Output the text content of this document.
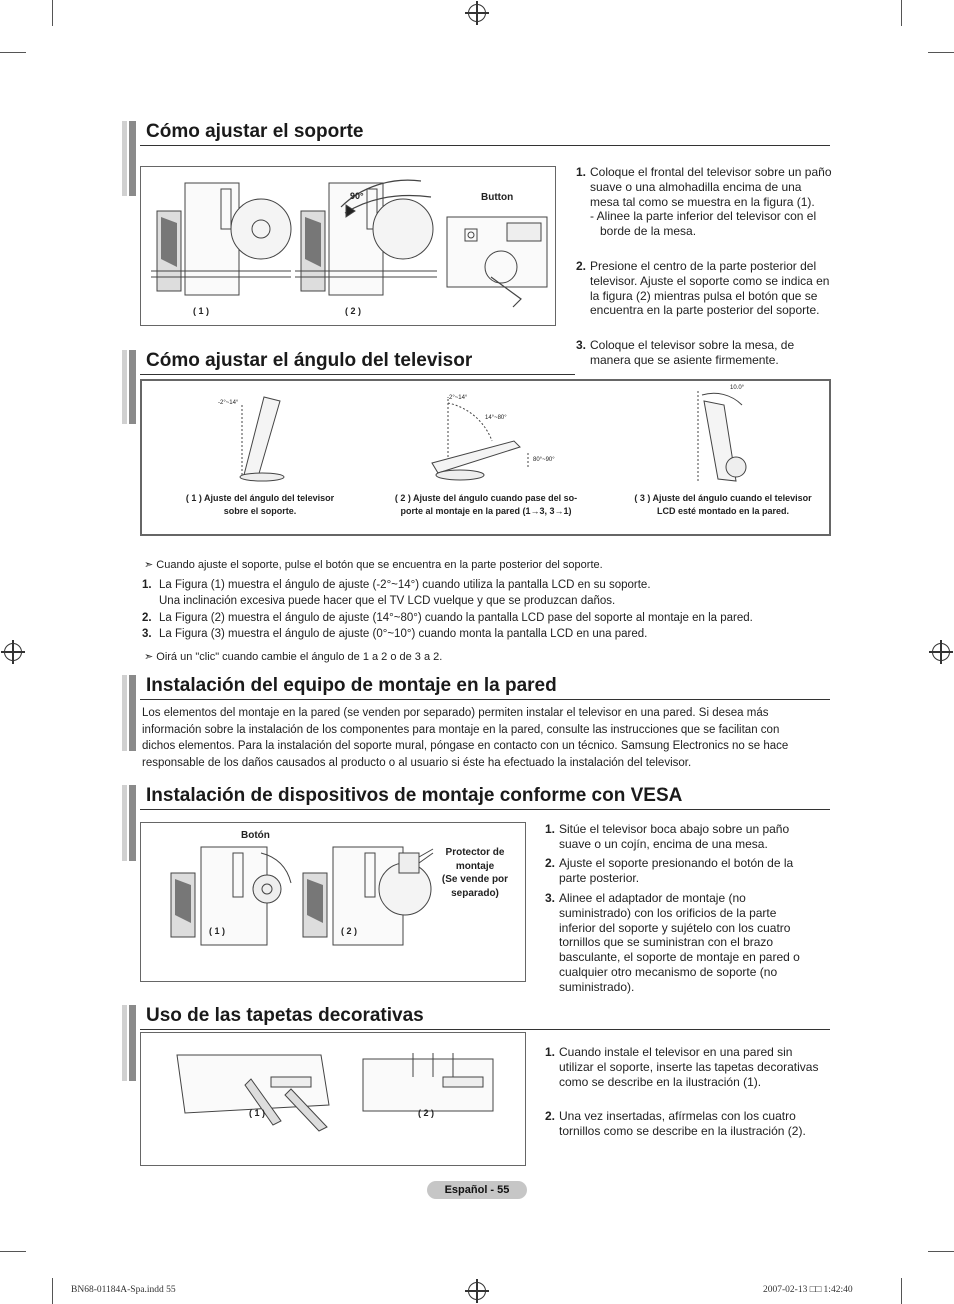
Cómo ajustar el soporte
90°	Button
( 1 )	( 2 )
1. Coloque el frontal del televisor sobre un paño suave o una almohadilla encima de una mesa tal como se muestra en la figura (1).
- Alinee la parte inferior del televisor con el borde de la mesa.
2. Presione el centro de la parte posterior del televisor. Ajuste el soporte como se indica en la figura (2) mientras pulsa el botón que se encuentra en la parte posterior del soporte.
3. Coloque el televisor sobre la mesa, de manera que se asiente firmemente.
Cómo ajustar el ángulo del televisor
-2°~14°
-2°~14°
14°~80°
80°~90°
10.0°
( 1 ) Ajuste del ángulo del televisor
sobre el soporte.
( 2 ) Ajuste del ángulo cuando pase del so-
porte al montaje en la pared (1→3, 3→1)
( 3 ) Ajuste del ángulo cuando el televisor
LCD esté montado en la pared.
➣ Cuando ajuste el soporte, pulse el botón que se encuentra en la parte posterior del soporte.
1. La Figura (1) muestra el ángulo de ajuste (-2°~14°) cuando utiliza la pantalla LCD en su soporte.
Una inclinación excesiva puede hacer que el TV LCD vuelque y que se produzcan daños.
2. La Figura (2) muestra el ángulo de ajuste (14°~80°) cuando la pantalla LCD pase del soporte al montaje en la pared.
3. La Figura (3) muestra el ángulo de ajuste (0°~10°) cuando monta la pantalla LCD en una pared.
➣ Oirá un "clic" cuando cambie el ángulo de 1 a 2 o de 3 a 2.
Instalación del equipo de montaje en la pared
Los elementos del montaje en la pared (se venden por separado) permiten instalar el televisor en una pared. Si desea más
información sobre la instalación de los componentes para montaje en la pared, consulte las instrucciones que se facilitan con
dichos elementos. Para la instalación del soporte mural, póngase en contacto con un técnico. Samsung Electronics no se hace
responsable de los daños causados al producto o al usuario si éste ha efectuado la instalación del televisor.
Instalación de dispositivos de montaje conforme con VESA
Botón
( 1 )	( 2 )
Protector de
montaje
(Se vende por
separado)
1. Sitúe el televisor boca abajo sobre un paño suave o un cojín, encima de una mesa.
2. Ajuste el soporte presionando el botón de la parte posterior.
3. Alinee el adaptador de montaje (no suministrado) con los orificios de la parte inferior del soporte y sujételo con los cuatro tornillos que se suministran con el brazo basculante, el soporte de montaje en pared o cualquier otro mecanismo de soporte (no suministrado).
Uso de las tapetas decorativas
( 1 )	( 2 )
1. Cuando instale el televisor en una pared sin utilizar el soporte, inserte las tapetas decorativas como se describe en la ilustración (1).
2. Una vez insertadas, afírmelas con los cuatro tornillos como se describe en la ilustración (2).
Español - 55
BN68-01184A-Spa.indd 55	2007-02-13 □□ 1:42:40
